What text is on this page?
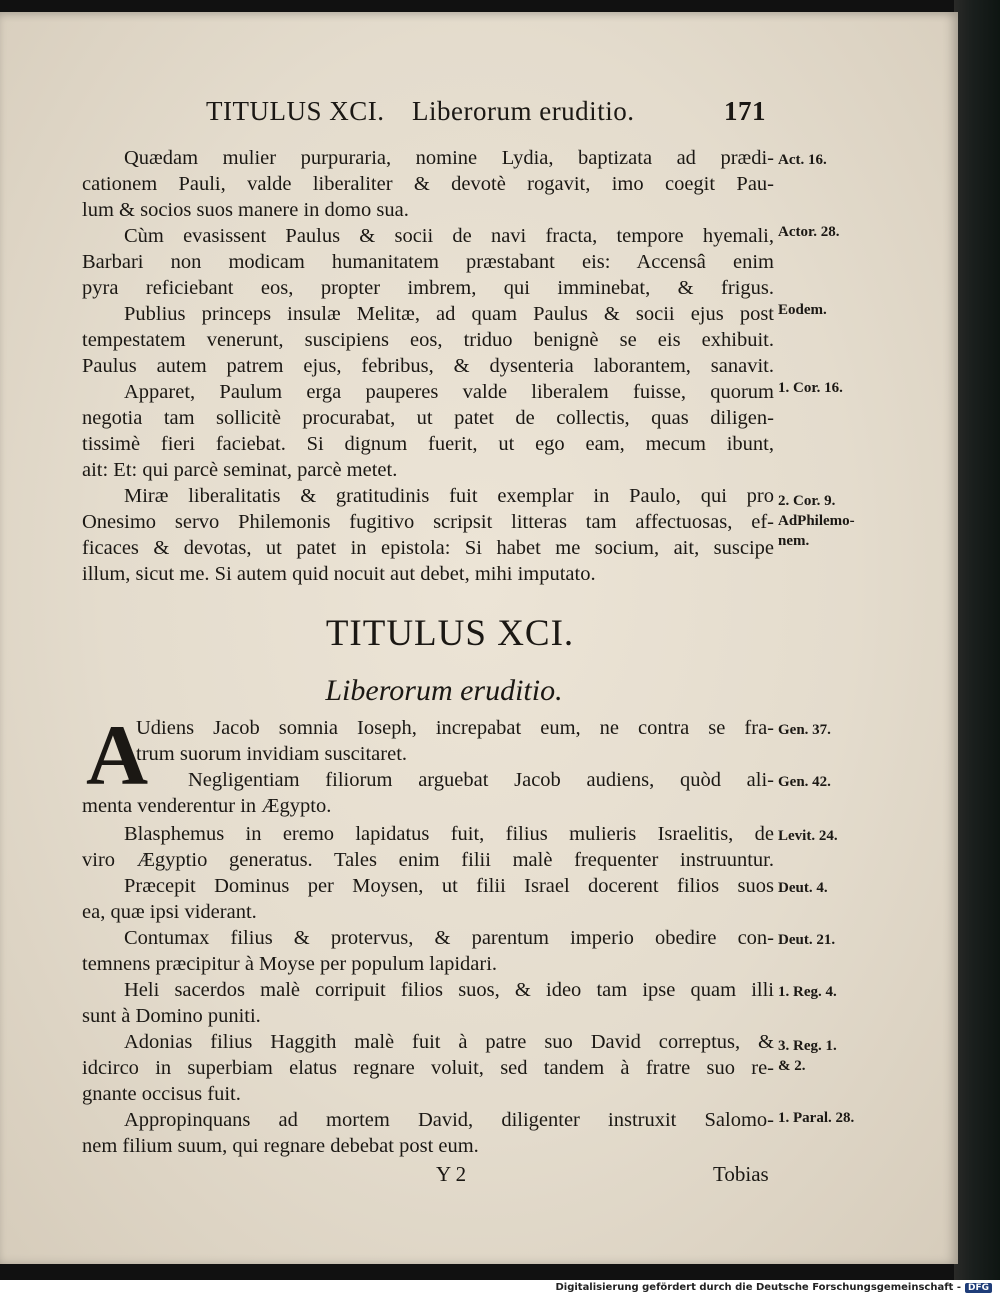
TITULUS XCI. Liberorum eruditio.	171
Quædam mulier purpuraria, nomine Lydia, baptizata ad prædi-
cationem Pauli, valde liberaliter & devotè rogavit, imo coegit Pau-
lum & socios suos manere in domo sua.
Cùm evasissent Paulus & socii de navi fracta, tempore hyemali,
Barbari non modicam humanitatem præstabant eis: Accensâ enim
pyra reficiebant eos, propter imbrem, qui imminebat, & frigus.
Publius princeps insulæ Melitæ, ad quam Paulus & socii ejus post
tempestatem venerunt, suscipiens eos, triduo benignè se eis exhibuit.
Paulus autem patrem ejus, febribus, & dysenteria laborantem, sanavit.
Apparet, Paulum erga pauperes valde liberalem fuisse, quorum
negotia tam sollicitè procurabat, ut patet de collectis, quas diligen-
tissimè fieri faciebat. Si dignum fuerit, ut ego eam, mecum ibunt,
ait: Et: qui parcè seminat, parcè metet.
Miræ liberalitatis & gratitudinis fuit exemplar in Paulo, qui pro
Onesimo servo Philemonis fugitivo scripsit litteras tam affectuosas, ef-
ficaces & devotas, ut patet in epistola: Si habet me socium, ait, suscipe
illum, sicut me. Si autem quid nocuit aut debet, mihi imputato.
Act. 16.
Actor. 28.
Eodem.
1. Cor. 16.
2. Cor. 9.
AdPhilemo-
nem.
TITULUS XCI.
Liberorum eruditio.
A
Udiens Jacob somnia Ioseph, increpabat eum, ne contra se fra-
trum suorum invidiam suscitaret.
Negligentiam filiorum arguebat Jacob audiens, quòd ali-
menta venderentur in Ægypto.
Blasphemus in eremo lapidatus fuit, filius mulieris Israelitis, de
viro Ægyptio generatus. Tales enim filii malè frequenter instruuntur.
Præcepit Dominus per Moysen, ut filii Israel docerent filios suos
ea, quæ ipsi viderant.
Contumax filius & protervus, & parentum imperio obedire con-
temnens præcipitur à Moyse per populum lapidari.
Heli sacerdos malè corripuit filios suos, & ideo tam ipse quam illi
sunt à Domino puniti.
Adonias filius Haggith malè fuit à patre suo David correptus, &
idcirco in superbiam elatus regnare voluit, sed tandem à fratre suo re-
gnante occisus fuit.
Appropinquans ad mortem David, diligenter instruxit Salomo-
nem filium suum, qui regnare debebat post eum.
Gen. 37.
Gen. 42.
Levit. 24.
Deut. 4.
Deut. 21.
1. Reg. 4.
3. Reg. 1.
& 2.
1. Paral. 28.
Y 2	Tobias
Digitalisierung gefördert durch die Deutsche Forschungsgemeinschaft - DFG
